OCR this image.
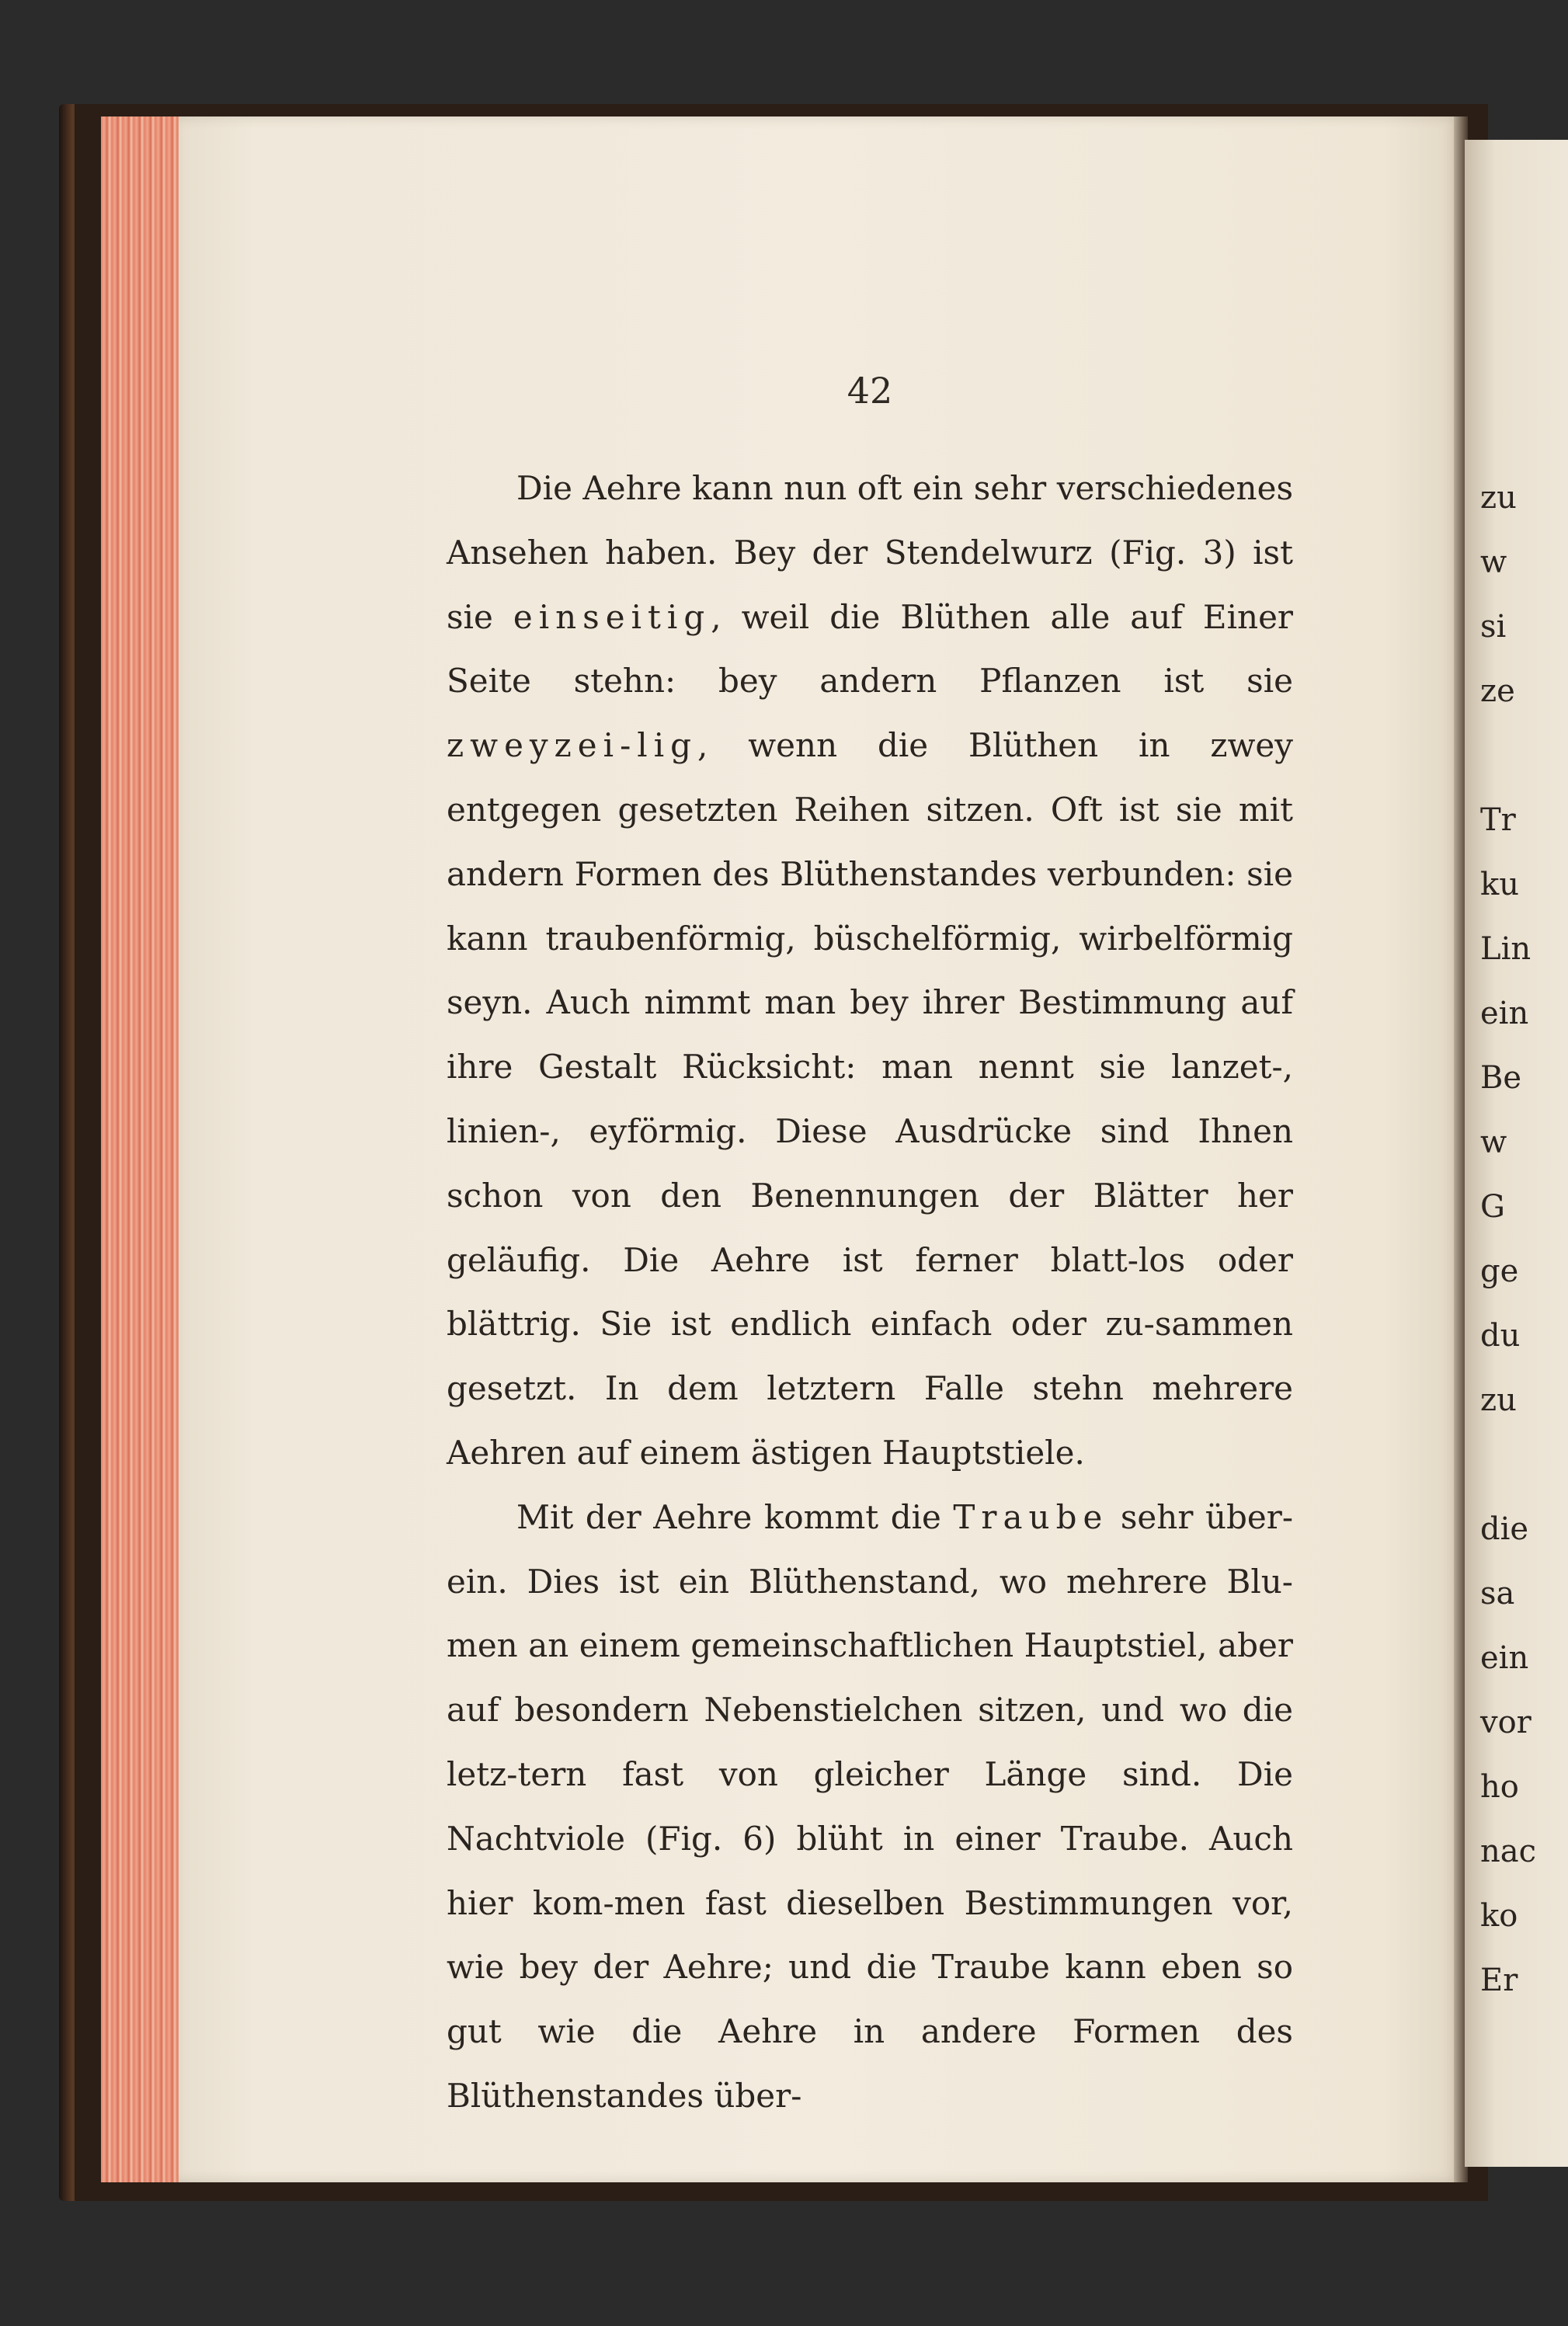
zu
w
si
ze

Tr
ku
Lin
ein
Be
w
G
ge
du
zu

die
sa
ein
vor
ho
nac
ko
Er
42

Die Aehre kann nun oft ein sehr verschiedenes Ansehen haben. Bey der Stendelwurz (Fig. 3) ist sie einseitig, weil die Blüthen alle auf Einer Seite stehn: bey andern Pflanzen ist sie zweyzei-lig, wenn die Blüthen in zwey entgegen gesetzten Reihen sitzen. Oft ist sie mit andern Formen des Blüthenstandes verbunden: sie kann traubenförmig, büschelförmig, wirbelförmig seyn. Auch nimmt man bey ihrer Bestimmung auf ihre Gestalt Rücksicht: man nennt sie lanzet-, linien-, eyförmig. Diese Ausdrücke sind Ihnen schon von den Benennungen der Blätter her geläufig. Die Aehre ist ferner blatt-los oder blättrig. Sie ist endlich einfach oder zu-sammen gesetzt. In dem letztern Falle stehn mehrere Aehren auf einem ästigen Hauptstiele.

Mit der Aehre kommt die Traube sehr über-ein. Dies ist ein Blüthenstand, wo mehrere Blu-men an einem gemeinschaftlichen Hauptstiel, aber auf besondern Nebenstielchen sitzen, und wo die letz-tern fast von gleicher Länge sind. Die Nachtviole (Fig. 6) blüht in einer Traube. Auch hier kom-men fast dieselben Bestimmungen vor, wie bey der Aehre; und die Traube kann eben so gut wie die Aehre in andere Formen des Blüthenstandes über-
